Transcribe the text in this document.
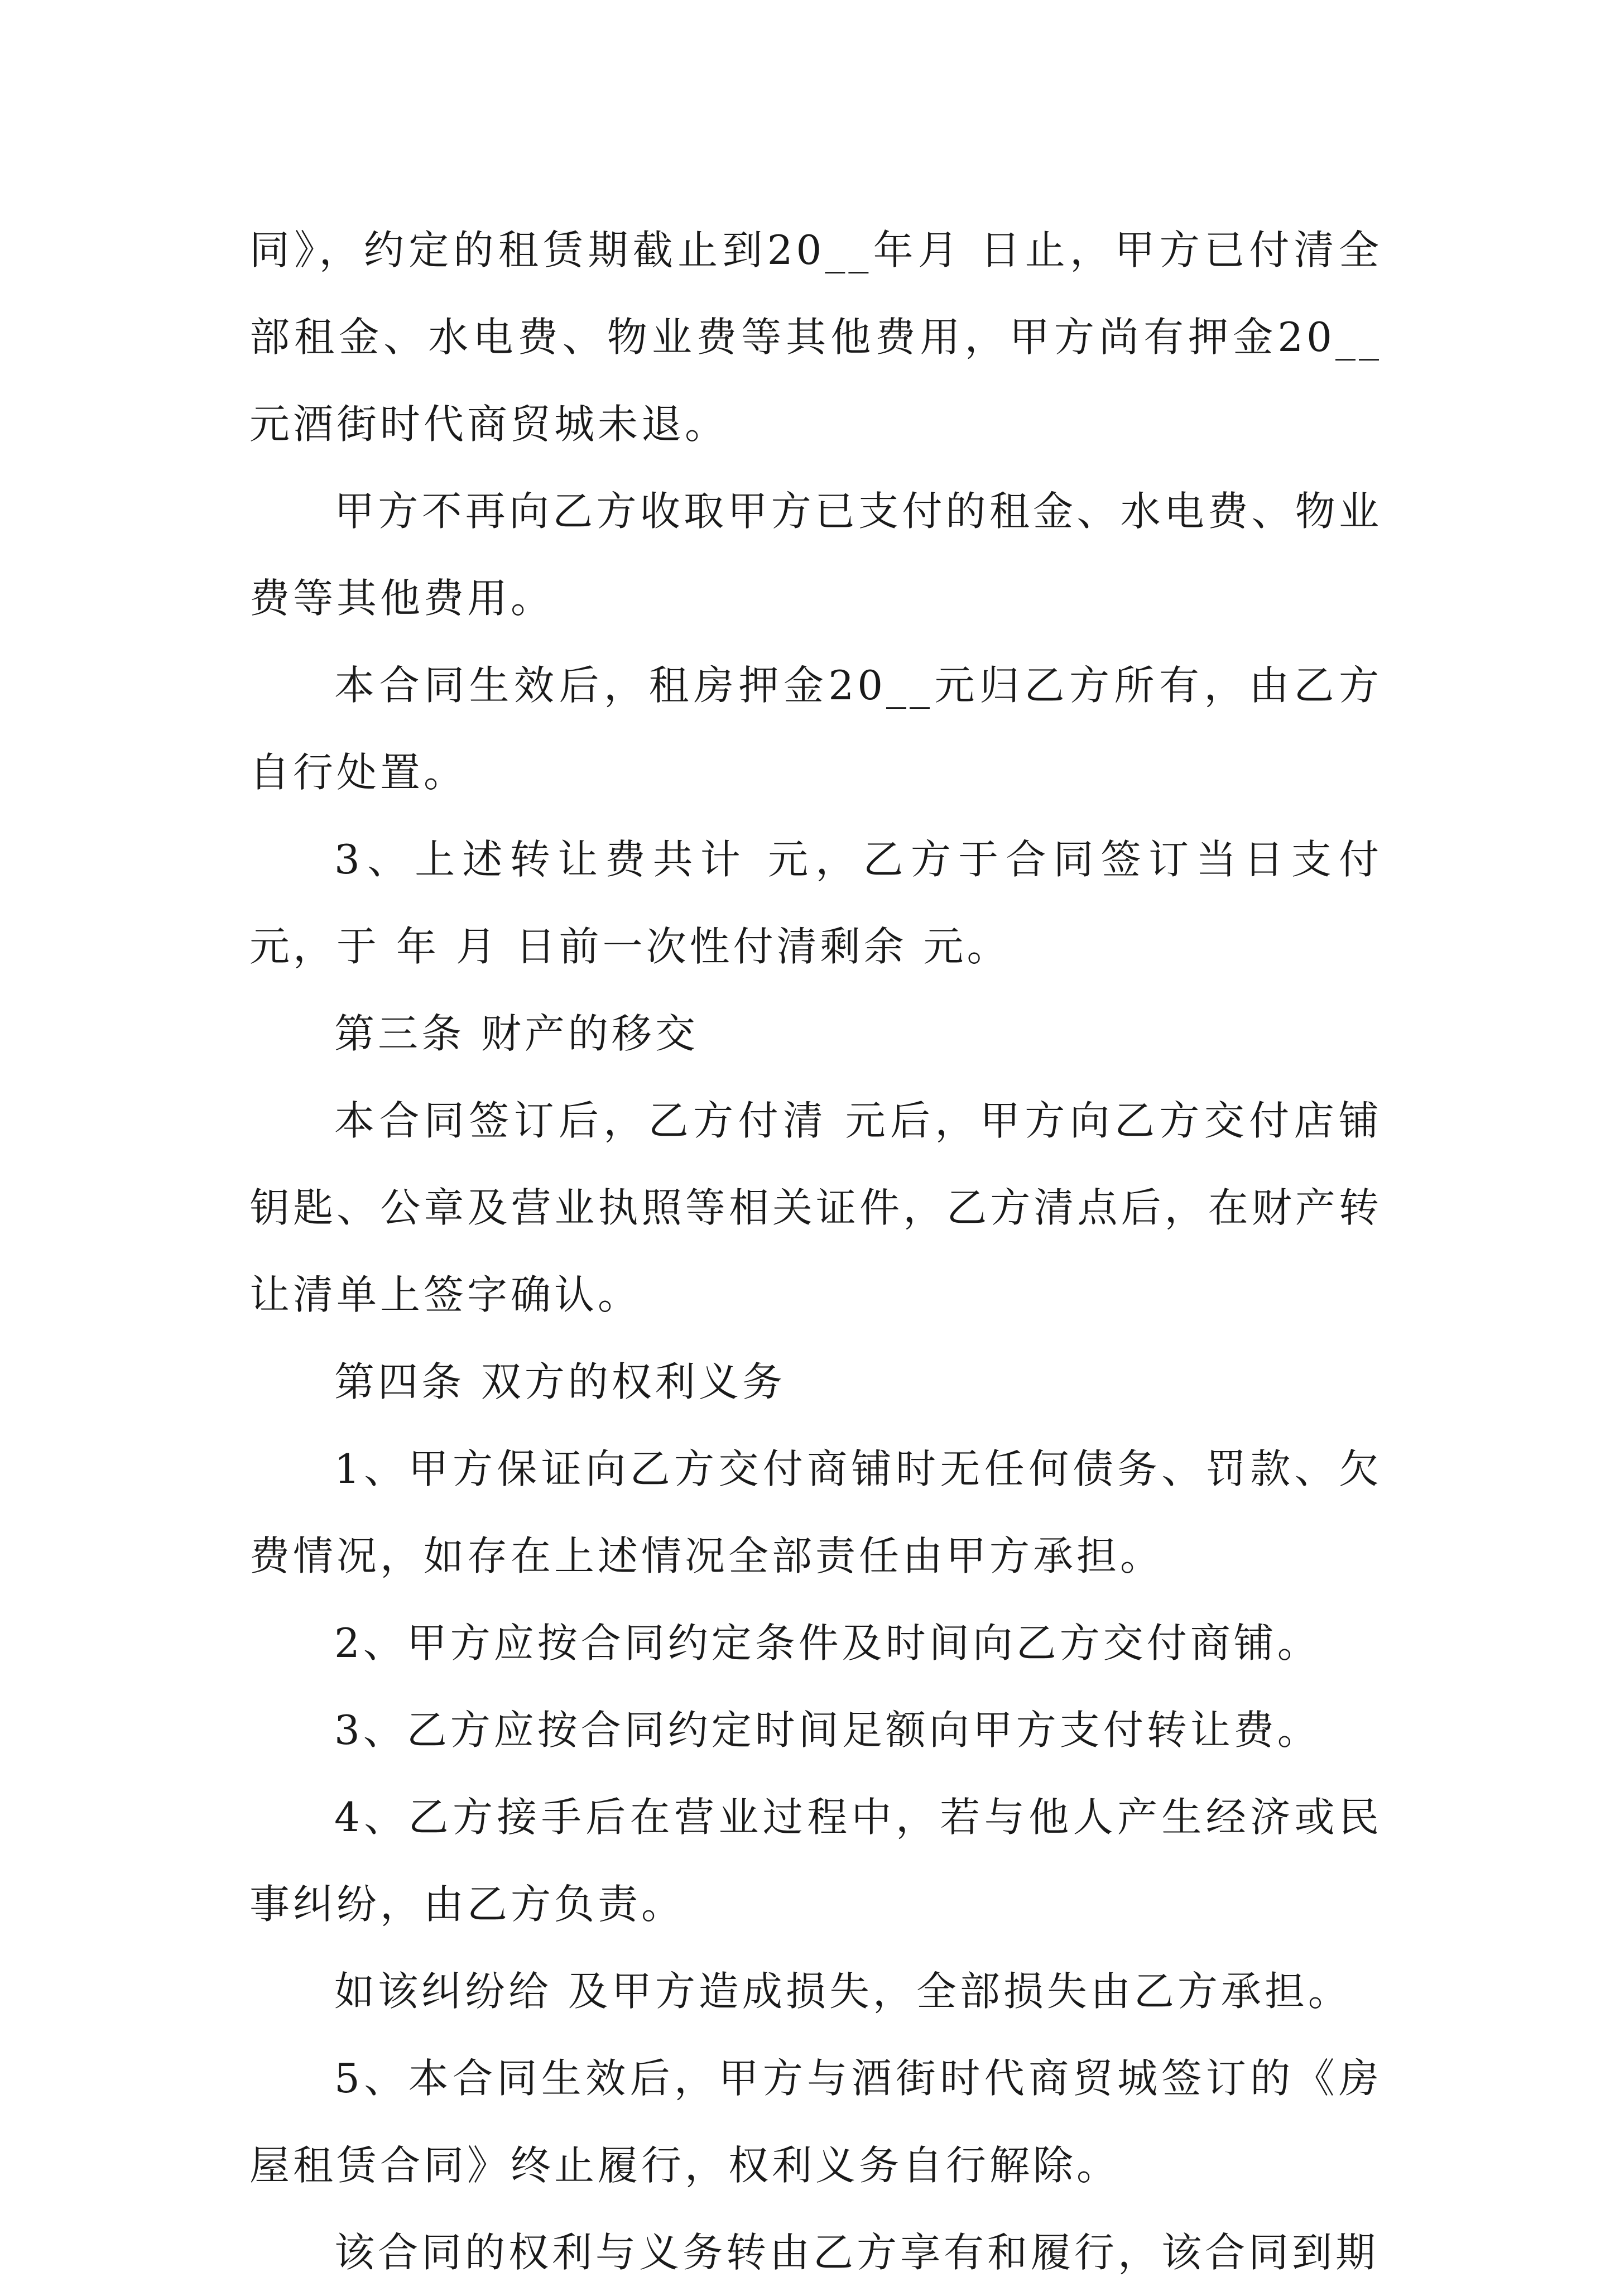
同》，约定的租赁期截止到20__年月 日止，甲方已付清全部租金、水电费、物业费等其他费用，甲方尚有押金20__元酒街时代商贸城未退。

甲方不再向乙方收取甲方已支付的租金、水电费、物业费等其他费用。

本合同生效后，租房押金20__元归乙方所有，由乙方自行处置。

3、上述转让费共计 元，乙方于合同签订当日支付 元，于 年 月 日前一次性付清剩余 元。

第三条 财产的移交

本合同签订后，乙方付清 元后，甲方向乙方交付店铺钥匙、公章及营业执照等相关证件，乙方清点后，在财产转让清单上签字确认。

第四条 双方的权利义务

1、甲方保证向乙方交付商铺时无任何债务、罚款、欠费情况，如存在上述情况全部责任由甲方承担。

2、甲方应按合同约定条件及时间向乙方交付商铺。

3、乙方应按合同约定时间足额向甲方支付转让费。

4、乙方接手后在营业过程中，若与他人产生经济或民事纠纷，由乙方负责。

如该纠纷给 及甲方造成损失，全部损失由乙方承担。

5、本合同生效后，甲方与酒街时代商贸城签订的《房屋租赁合同》终止履行，权利义务自行解除。

该合同的权利与义务转由乙方享有和履行，该合同到期
